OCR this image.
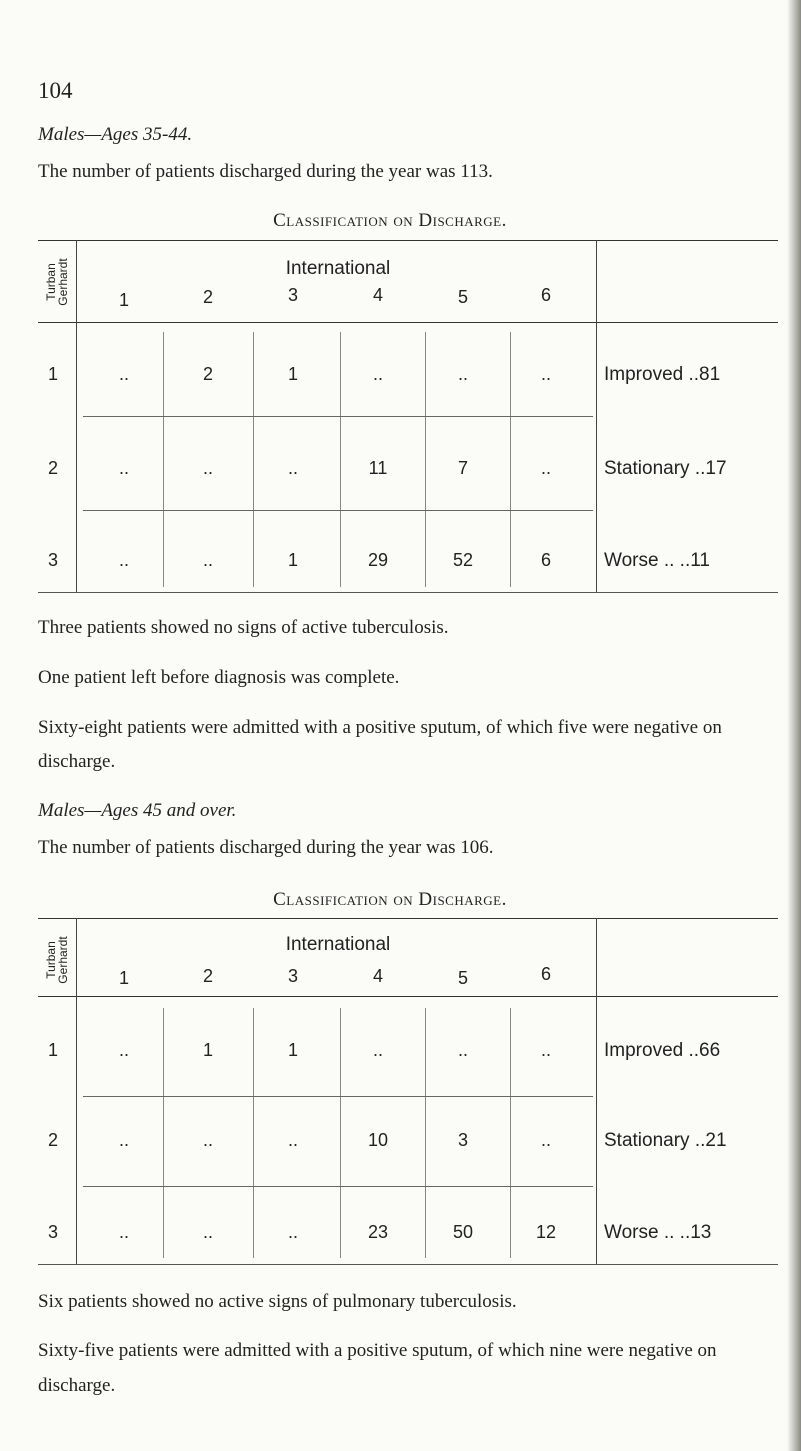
104
Males—Ages 35-44.
The number of patients discharged during the year was 113.
Classification on Discharge.
Turban
Gerhardt	International
1	2	3	4	5	6
1	..	2	1	..	..	..	Improved ..81
2	..	..	..	11	7	..	Stationary ..17
3	..	..	1	29	52	6	Worse .. ..11
Three patients showed no signs of active tuberculosis.
One patient left before diagnosis was complete.
Sixty-eight patients were admitted with a positive sputum, of which five were negative on discharge.
Males—Ages 45 and over.
The number of patients discharged during the year was 106.
Classification on Discharge.
Turban
Gerhardt	International
1	2	3	4	5	6
1	..	1	1	..	..	..	Improved ..66
2	..	..	..	10	3	..	Stationary ..21
3	..	..	..	23	50	12	Worse .. ..13
Six patients showed no active signs of pulmonary tuberculosis.
Sixty-five patients were admitted with a positive sputum, of which nine were negative on discharge.
